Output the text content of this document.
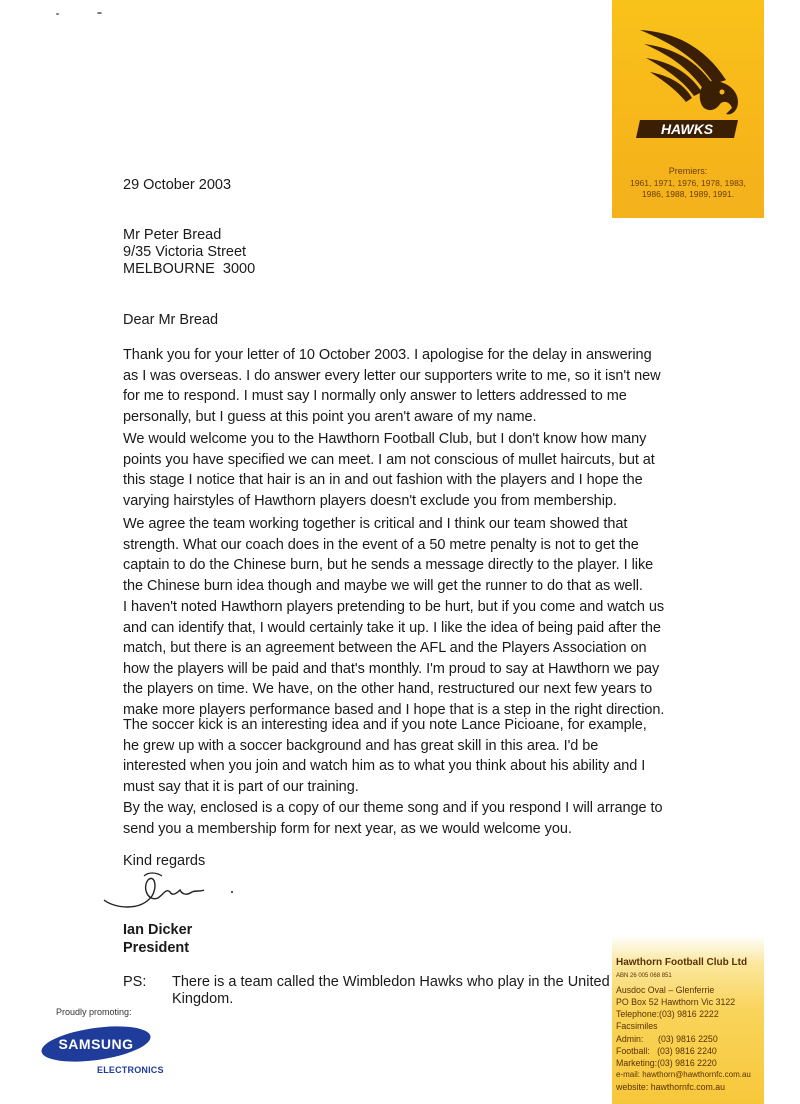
HAWKS
Premiers:
1961, 1971, 1976, 1978, 1983,
1986, 1988, 1989, 1991.
29 October 2003
Mr Peter Bread
9/35 Victoria Street
MELBOURNE  3000
Dear Mr Bread
Thank you for your letter of 10 October 2003. I apologise for the delay in answering
as I was overseas. I do answer every letter our supporters write to me, so it isn't new
for me to respond. I must say I normally only answer to letters addressed to me
personally, but I guess at this point you aren't aware of my name.
We would welcome you to the Hawthorn Football Club, but I don't know how many
points you have specified we can meet. I am not conscious of mullet haircuts, but at
this stage I notice that hair is an in and out fashion with the players and I hope the
varying hairstyles of Hawthorn players doesn't exclude you from membership.
We agree the team working together is critical and I think our team showed that
strength. What our coach does in the event of a 50 metre penalty is not to get the
captain to do the Chinese burn, but he sends a message directly to the player. I like
the Chinese burn idea though and maybe we will get the runner to do that as well.
I haven't noted Hawthorn players pretending to be hurt, but if you come and watch us
and can identify that, I would certainly take it up. I like the idea of being paid after the
match, but there is an agreement between the AFL and the Players Association on
how the players will be paid and that's monthly. I'm proud to say at Hawthorn we pay
the players on time. We have, on the other hand, restructured our next few years to
make more players performance based and I hope that is a step in the right direction.
The soccer kick is an interesting idea and if you note Lance Picioane, for example,
he grew up with a soccer background and has great skill in this area. I'd be
interested when you join and watch him as to what you think about his ability and I
must say that it is part of our training.
By the way, enclosed is a copy of our theme song and if you respond I will arrange to
send you a membership form for next year, as we would welcome you.
Kind regards
Ian Dicker
President
PS: There is a team called the Wimbledon Hawks who play in the United
Kingdom.
Hawthorn Football Club Ltd
ABN 26 005 068 851
Ausdoc Oval – Glenferrie
PO Box 52 Hawthorn Vic 3122
Telephone:(03) 9816 2222
Facsimiles
Admin:      (03) 9816 2250
Football:   (03) 9816 2240
Marketing:(03) 9816 2220
e-mail: hawthorn@hawthornfc.com.au
website: hawthornfc.com.au
Proudly promoting:
SAMSUNG
ELECTRONICS
